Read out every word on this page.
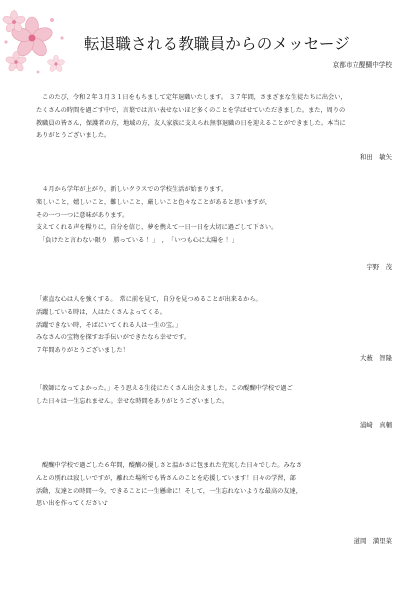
転退職される教職員からのメッセージ
京都市立醍醐中学校

　このたび，令和２年３月３１日をもちまして定年退職いたします。 ３７年間，さまざまな生徒たちに出会い，

たくさんの時間を過ごす中で，言葉では言い表せないほど多くのことを学ばせていただきました。また，周りの

教職員の皆さん，保護者の方，地域の方，友人家族に支えられ無事退職の日を迎えることができました。本当に

ありがとうございました。

和田　敏矢

　４月から学年が上がり，新しいクラスでの学校生活が始まります。

楽しいこと，嬉しいこと，難しいこと，厳しいこと色々なことがあると思いますが，

その一つ一つに意味があります。

支えてくれる声を糧りに，自分を信じ，夢を携えて一日一日を大切に過ごして下さい。

　「負けたと言わない限り　勝っている ！」　，　「いつも心に太陽を ！」

宇野　茂

「素直な心は人を強くする。　常に前を見て，自分を見つめることが出来るから。

活躍している時は，人はたくさんよってくる。

活躍できない時，そばにいてくれる人は一生の宝。」

みなさんの宝物を探すお手伝いができたなら幸せです。

７年間ありがとうございました！

大薮　智隆

「教師になってよかった。」そう思える生徒にたくさん出会えました。この醍醐中学校で過ご

した日々は一生忘れません。幸せな時間をありがとうございました。

浦﨑　真輔

　醍醐中学校で過ごした６年間，醍醐の優しさと温かさに包まれた充実した日々でした。みなさ

んとの別れは寂しいですが，離れた場所でも皆さんのことを応援しています！日々の学習，部

活動，友達との時間一今，できることに一生懸命に！そして，一生忘れないような最高の友達，

思い出を作ってください♪

道岡　満里菜
